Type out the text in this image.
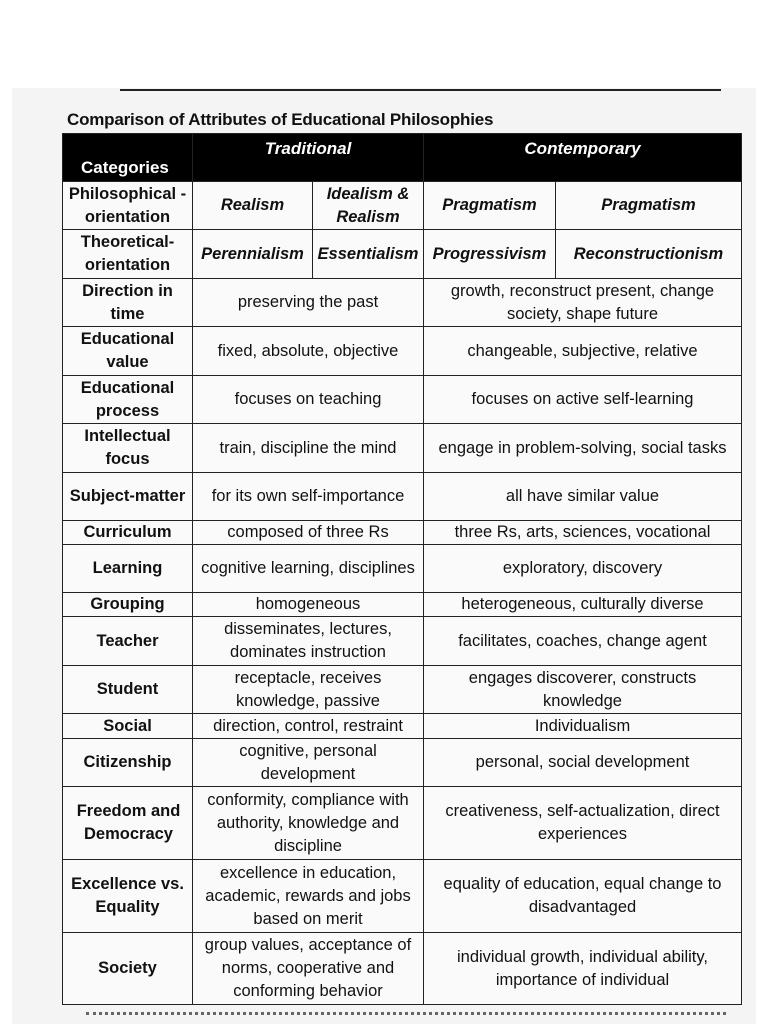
Comparison of Attributes of Educational Philosophies
Categories	Traditional		Contemporary	
Philosophical - orientation	Realism	Idealism & Realism	Pragmatism	Pragmatism
Theoretical-orientation	Perennialism	Essentialism	Progressivism	Reconstructionism
Direction in time	preserving the past		growth, reconstruct present, change society, shape future	
Educational value	fixed, absolute, objective		changeable, subjective, relative	
Educational process	focuses on teaching		focuses on active self-learning	
Intellectual focus	train, discipline the mind		engage in problem-solving, social tasks	
Subject-matter	for its own self-importance		all have similar value	
Curriculum	composed of three Rs		three Rs, arts, sciences, vocational	
Learning	cognitive learning, disciplines		exploratory, discovery	
Grouping	homogeneous		heterogeneous, culturally diverse	
Teacher	disseminates, lectures, dominates instruction		facilitates, coaches, change agent	
Student	receptacle, receives knowledge, passive		engages discoverer, constructs knowledge	
Social	direction, control, restraint		Individualism	
Citizenship	cognitive, personal development		personal, social development	
Freedom and Democracy	conformity, compliance with authority, knowledge and discipline		creativeness, self-actualization, direct experiences	
Excellence vs. Equality	excellence in education, academic, rewards and jobs based on merit		equality of education, equal change to disadvantaged	
Society	group values, acceptance of norms, cooperative and conforming behavior		individual growth, individual ability, importance of individual	
